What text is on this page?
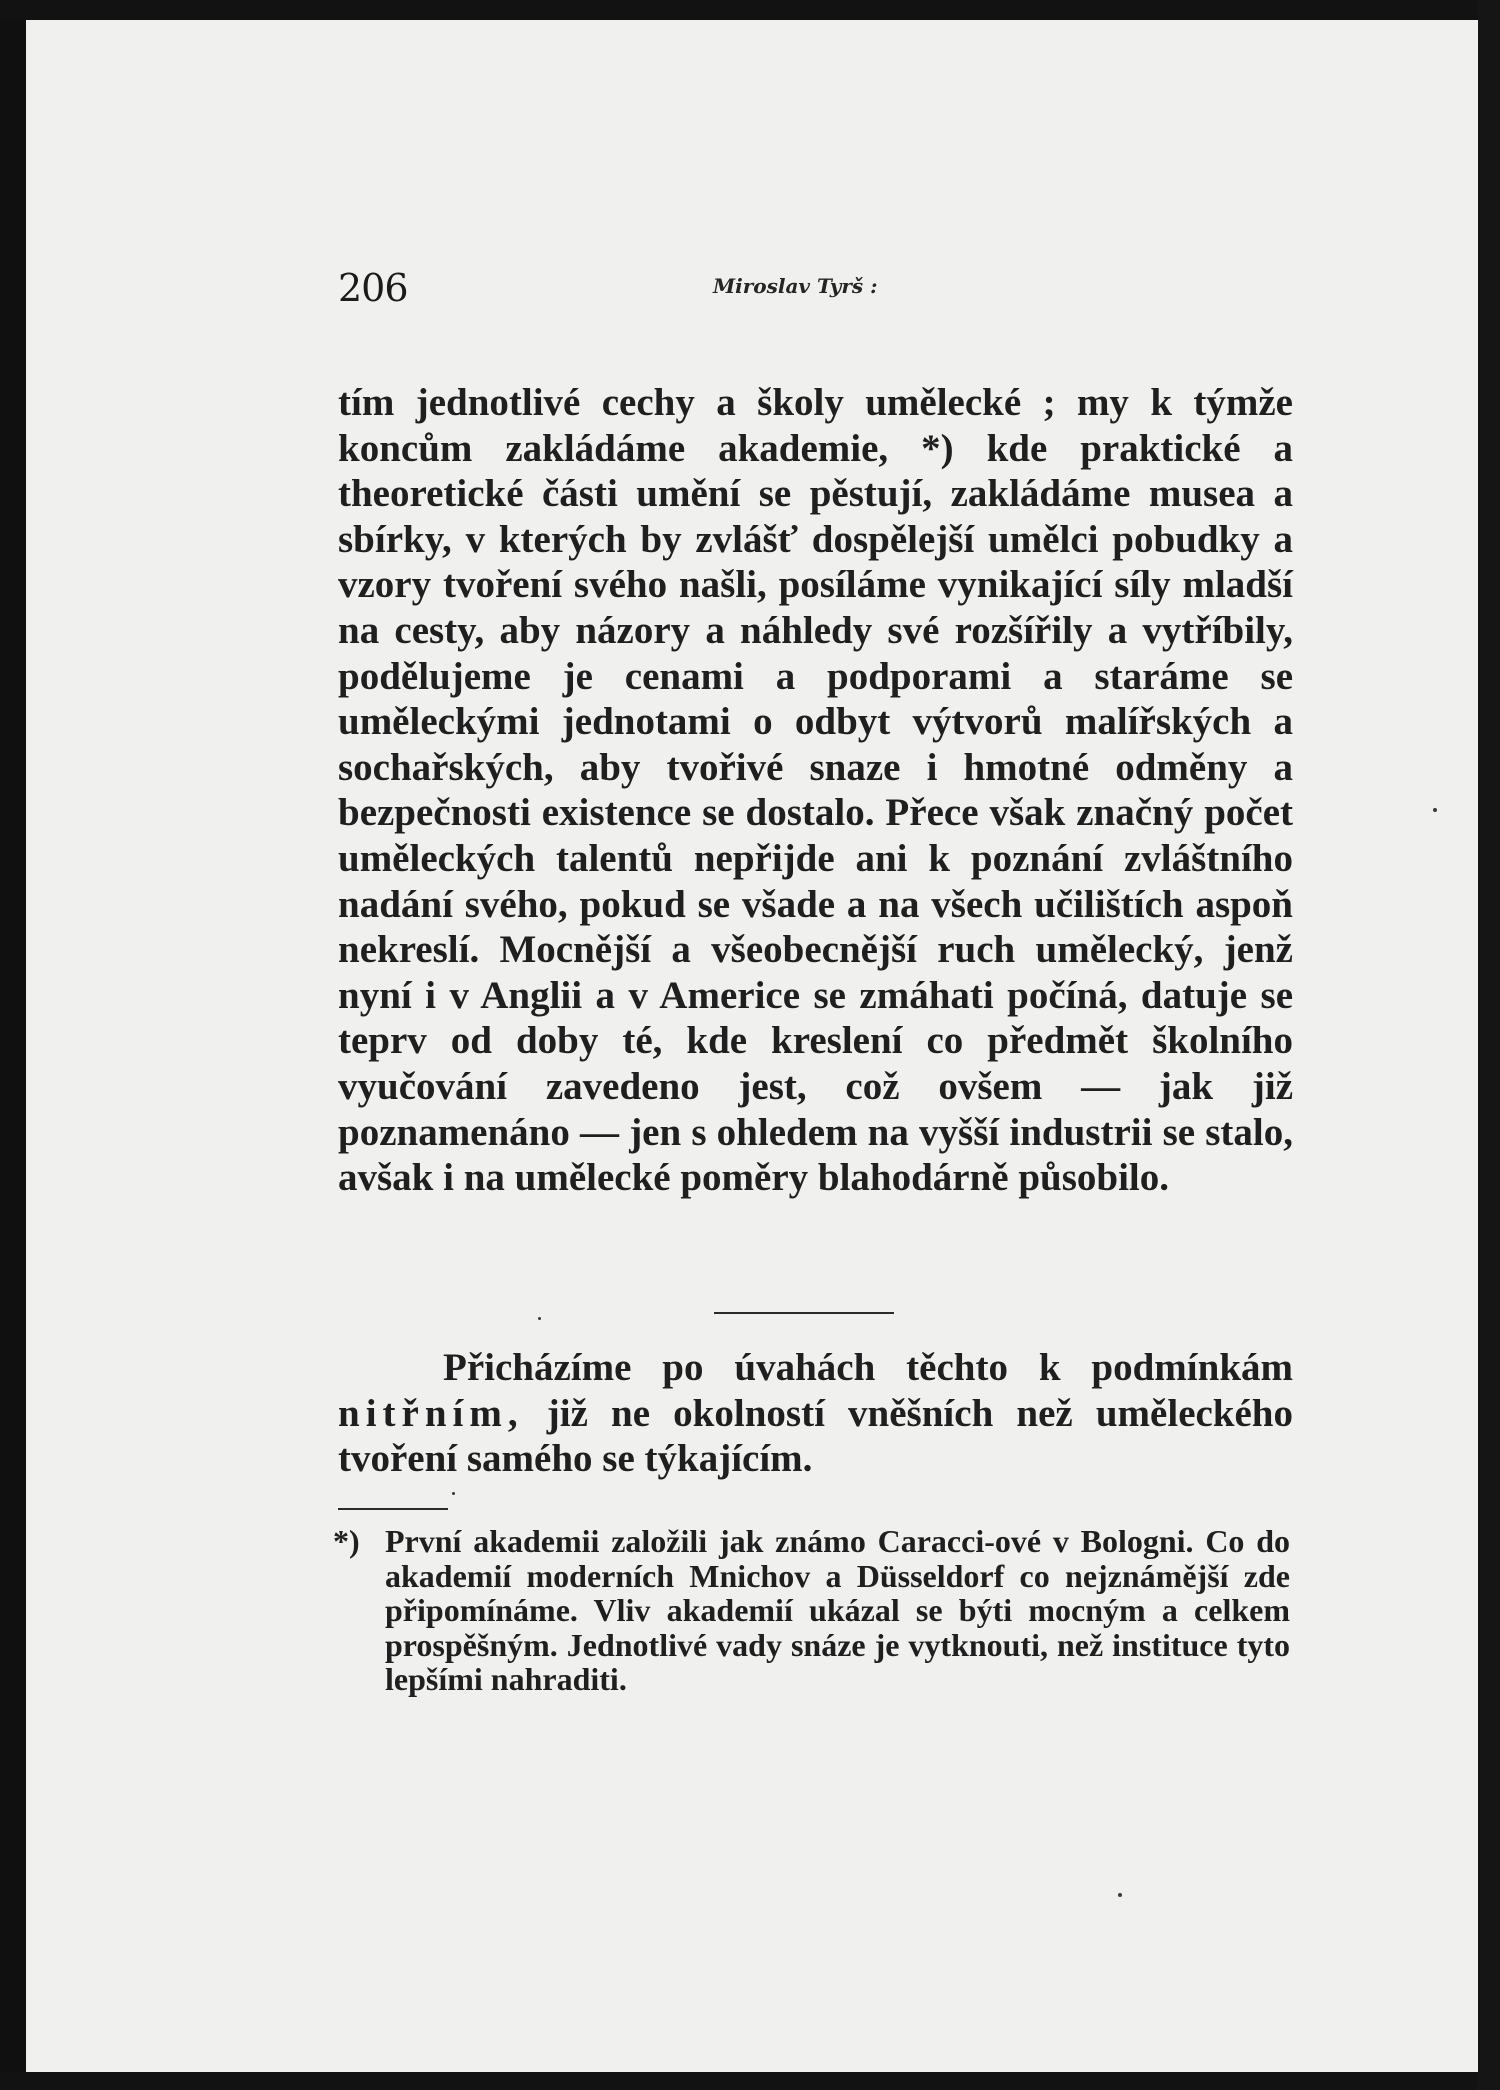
206	Miroslav Tyrš :

tím jednotlivé cechy a školy umělecké ; my k týmže koncům zakládáme akademie, *) kde praktické a theoretické části umění se pěstují, zakládáme musea a sbírky, v kterých by zvlášť dospělejší umělci pobudky a vzory tvoření svého našli, posíláme vynikající síly mladší na cesty, aby názory a náhledy své rozšířily a vytříbily, podělujeme je cenami a podporami a staráme se uměleckými jednotami o odbyt výtvorů malířských a sochařských, aby tvořivé snaze i hmotné odměny a bezpečnosti existence se dostalo. Přece však značný počet uměleckých talentů nepřijde ani k poznání zvláštního nadání svého, pokud se všade a na všech učilištích aspoň nekreslí. Mocnější a všeobecnější ruch umělecký, jenž nyní i v Anglii a v Americe se zmáhati počíná, datuje se teprv od doby té, kde kreslení co předmět školního vyučování zavedeno jest, což ovšem — jak již poznamenáno — jen s ohledem na vyšší industrii se stalo, avšak i na umělecké poměry blahodárně působilo.

Přicházíme po úvahách těchto k podmínkám nitřním, již ne okolností vněšních než uměleckého tvoření samého se týkajícím.

*) První akademii založili jak známo Caracci-ové v Bologni. Co do akademií moderních Mnichov a Düsseldorf co nejznámější zde připomínáme. Vliv akademií ukázal se býti mocným a celkem prospěšným. Jednotlivé vady snáze je vytknouti, než instituce tyto lepšími nahraditi.
